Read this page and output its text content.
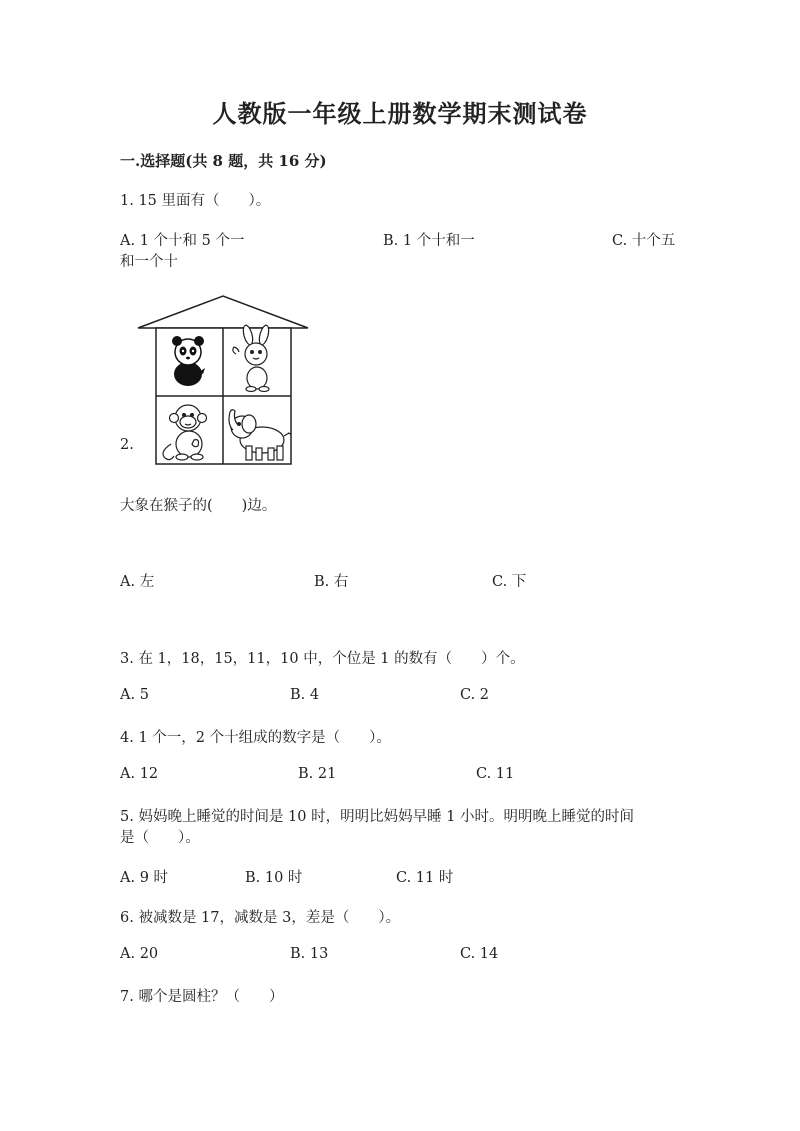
人教版一年级上册数学期末测试卷
一.选择题(共 8 题，共 16 分)
1. 15 里面有（　　）。
A. 1 个十和 5 个一	B. 1 个十和一	C. 十个五
和一个十
2.
大象在猴子的(　　)边。
A. 左	B. 右	C. 下
3. 在 1，18，15，11，10 中，个位是 1 的数有（　　）个。
A. 5	B. 4	C. 2
4. 1 个一，2 个十组成的数字是（　　）。
A. 12	B. 21	C. 11
5. 妈妈晚上睡觉的时间是 10 时，明明比妈妈早睡 1 小时。明明晚上睡觉的时间
是（　　）。
A. 9 时	B. 10 时	C. 11 时
6. 被减数是 17，减数是 3，差是（　　）。
A. 20	B. 13	C. 14
7. 哪个是圆柱？（　　）
